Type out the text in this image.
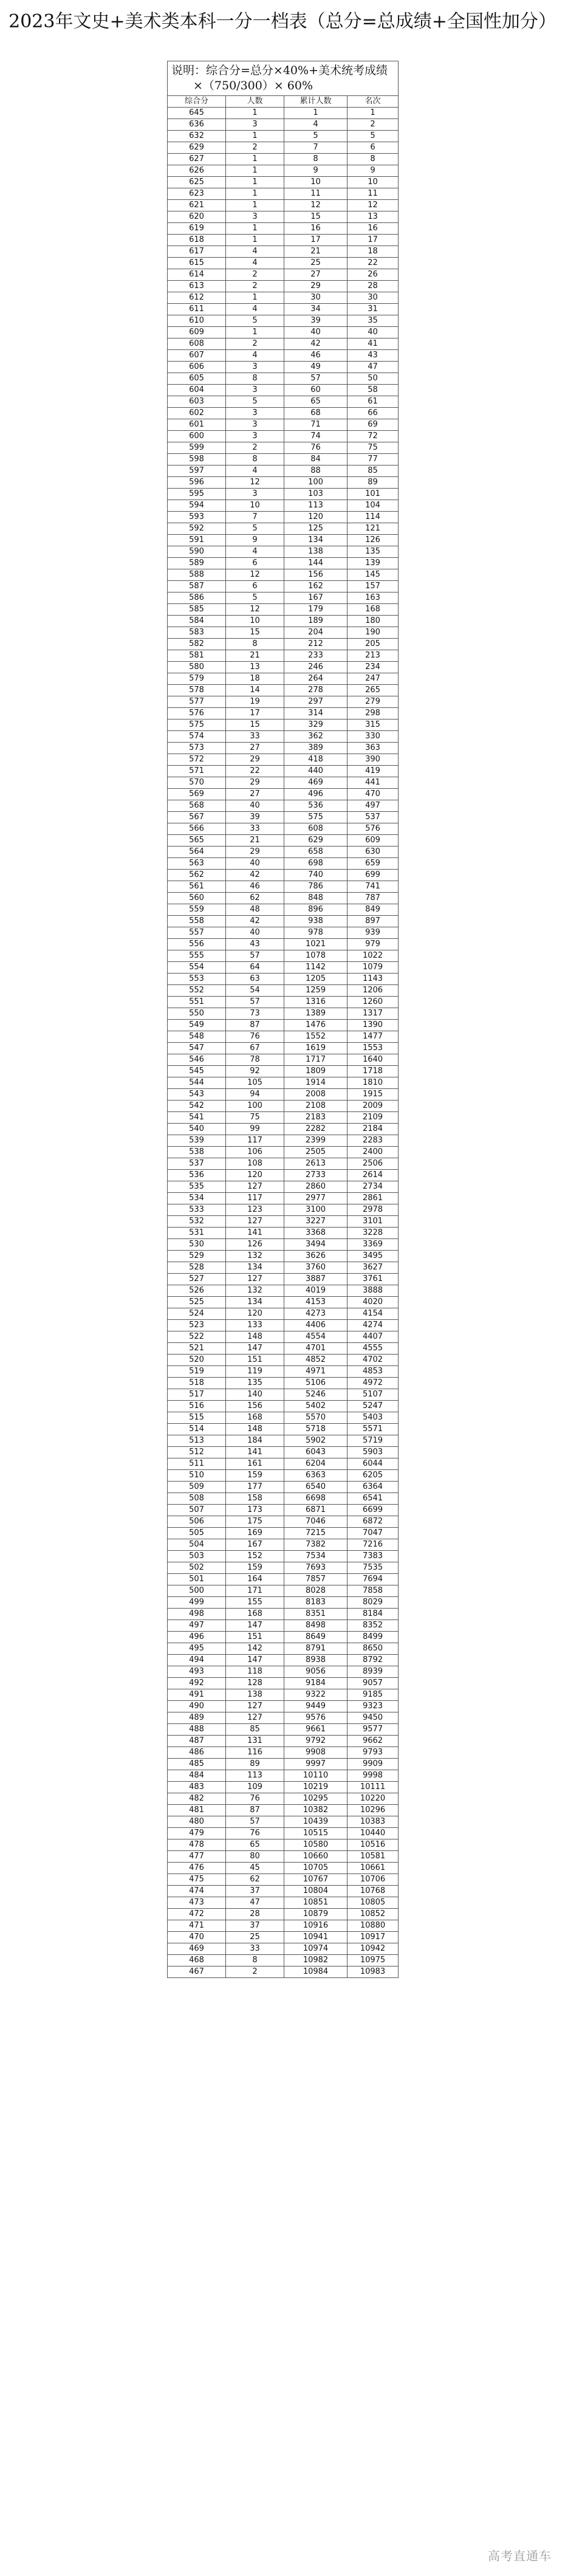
2023年文史+美术类本科一分一档表（总分=总成绩+全国性加分）
说明：综合分=总分×40%+美术统考成绩
×（750/300）× 60%			

综合分	人数	累计人数	名次
645	1	1	1
636	3	4	2
632	1	5	5
629	2	7	6
627	1	8	8
626	1	9	9
625	1	10	10
623	1	11	11
621	1	12	12
620	3	15	13
619	1	16	16
618	1	17	17
617	4	21	18
615	4	25	22
614	2	27	26
613	2	29	28
612	1	30	30
611	4	34	31
610	5	39	35
609	1	40	40
608	2	42	41
607	4	46	43
606	3	49	47
605	8	57	50
604	3	60	58
603	5	65	61
602	3	68	66
601	3	71	69
600	3	74	72
599	2	76	75
598	8	84	77
597	4	88	85
596	12	100	89
595	3	103	101
594	10	113	104
593	7	120	114
592	5	125	121
591	9	134	126
590	4	138	135
589	6	144	139
588	12	156	145
587	6	162	157
586	5	167	163
585	12	179	168
584	10	189	180
583	15	204	190
582	8	212	205
581	21	233	213
580	13	246	234
579	18	264	247
578	14	278	265
577	19	297	279
576	17	314	298
575	15	329	315
574	33	362	330
573	27	389	363
572	29	418	390
571	22	440	419
570	29	469	441
569	27	496	470
568	40	536	497
567	39	575	537
566	33	608	576
565	21	629	609
564	29	658	630
563	40	698	659
562	42	740	699
561	46	786	741
560	62	848	787
559	48	896	849
558	42	938	897
557	40	978	939
556	43	1021	979
555	57	1078	1022
554	64	1142	1079
553	63	1205	1143
552	54	1259	1206
551	57	1316	1260
550	73	1389	1317
549	87	1476	1390
548	76	1552	1477
547	67	1619	1553
546	78	1717	1640
545	92	1809	1718
544	105	1914	1810
543	94	2008	1915
542	100	2108	2009
541	75	2183	2109
540	99	2282	2184
539	117	2399	2283
538	106	2505	2400
537	108	2613	2506
536	120	2733	2614
535	127	2860	2734
534	117	2977	2861
533	123	3100	2978
532	127	3227	3101
531	141	3368	3228
530	126	3494	3369
529	132	3626	3495
528	134	3760	3627
527	127	3887	3761
526	132	4019	3888
525	134	4153	4020
524	120	4273	4154
523	133	4406	4274
522	148	4554	4407
521	147	4701	4555
520	151	4852	4702
519	119	4971	4853
518	135	5106	4972
517	140	5246	5107
516	156	5402	5247
515	168	5570	5403
514	148	5718	5571
513	184	5902	5719
512	141	6043	5903
511	161	6204	6044
510	159	6363	6205
509	177	6540	6364
508	158	6698	6541
507	173	6871	6699
506	175	7046	6872
505	169	7215	7047
504	167	7382	7216
503	152	7534	7383
502	159	7693	7535
501	164	7857	7694
500	171	8028	7858
499	155	8183	8029
498	168	8351	8184
497	147	8498	8352
496	151	8649	8499
495	142	8791	8650
494	147	8938	8792
493	118	9056	8939
492	128	9184	9057
491	138	9322	9185
490	127	9449	9323
489	127	9576	9450
488	85	9661	9577
487	131	9792	9662
486	116	9908	9793
485	89	9997	9909
484	113	10110	9998
483	109	10219	10111
482	76	10295	10220
481	87	10382	10296
480	57	10439	10383
479	76	10515	10440
478	65	10580	10516
477	80	10660	10581
476	45	10705	10661
475	62	10767	10706
474	37	10804	10768
473	47	10851	10805
472	28	10879	10852
471	37	10916	10880
470	25	10941	10917
469	33	10974	10942
468	8	10982	10975
467	2	10984	10983
高考直通车
